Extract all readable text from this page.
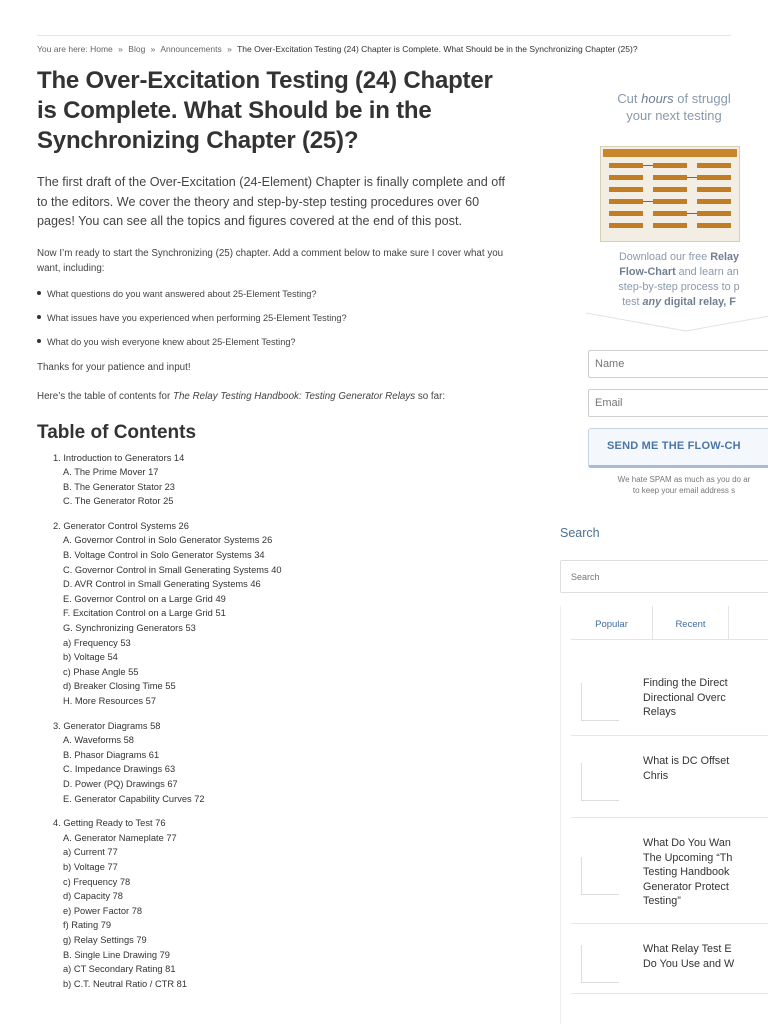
You are here: Home » Blog » Announcements » The Over-Excitation Testing (24) Chapter is Complete. What Should be in the Synchronizing Chapter (25)?
The Over-Excitation Testing (24) Chapter is Complete. What Should be in the Synchronizing Chapter (25)?

The first draft of the Over-Excitation (24-Element) Chapter is finally complete and off to the editors. We cover the theory and step-by-step testing procedures over 60 pages! You can see all the topics and figures covered at the end of this post.

Now I’m ready to start the Synchronizing (25) chapter. Add a comment below to make sure I cover what you want, including:

What questions do you want answered about 25-Element Testing?
What issues have you experienced when performing 25-Element Testing?
What do you wish everyone knew about 25-Element Testing?

Thanks for your patience and input!

Here’s the table of contents for The Relay Testing Handbook: Testing Generator Relays so far:

Table of Contents
1. Introduction to Generators 14
A. The Prime Mover 17
B. The Generator Stator 23
C. The Generator Rotor 25
2. Generator Control Systems 26
A. Governor Control in Solo Generator Systems 26
B. Voltage Control in Solo Generator Systems 34
C. Governor Control in Small Generating Systems 40
D. AVR Control in Small Generating Systems 46
E. Governor Control on a Large Grid 49
F. Excitation Control on a Large Grid 51
G. Synchronizing Generators 53
a) Frequency 53
b) Voltage 54
c) Phase Angle 55
d) Breaker Closing Time 55
H. More Resources 57
3. Generator Diagrams 58
A. Waveforms 58
B. Phasor Diagrams 61
C. Impedance Drawings 63
D. Power (PQ) Drawings 67
E. Generator Capability Curves 72
4. Getting Ready to Test 76
A. Generator Nameplate 77
a) Current 77
b) Voltage 77
c) Frequency 78
d) Capacity 78
e) Power Factor 78
f) Rating 79
g) Relay Settings 79
B. Single Line Drawing 79
a) CT Secondary Rating 81
b) C.T. Neutral Ratio / CTR 81
Cut hours of struggl
your next testing
Download our free Relay
Flow-Chart and learn an
step-by-step process to p
test any digital relay, F
Name
Email
SEND ME THE FLOW-CH
We hate SPAM as much as you do ar
to keep your email address s
Search
Search
Popular	Recent
Finding the Direct
Directional Overc
Relays
What is DC Offset
Chris
What Do You Wan
The Upcoming “Th
Testing Handbook
Generator Protect
Testing”
What Relay Test E
Do You Use and W
